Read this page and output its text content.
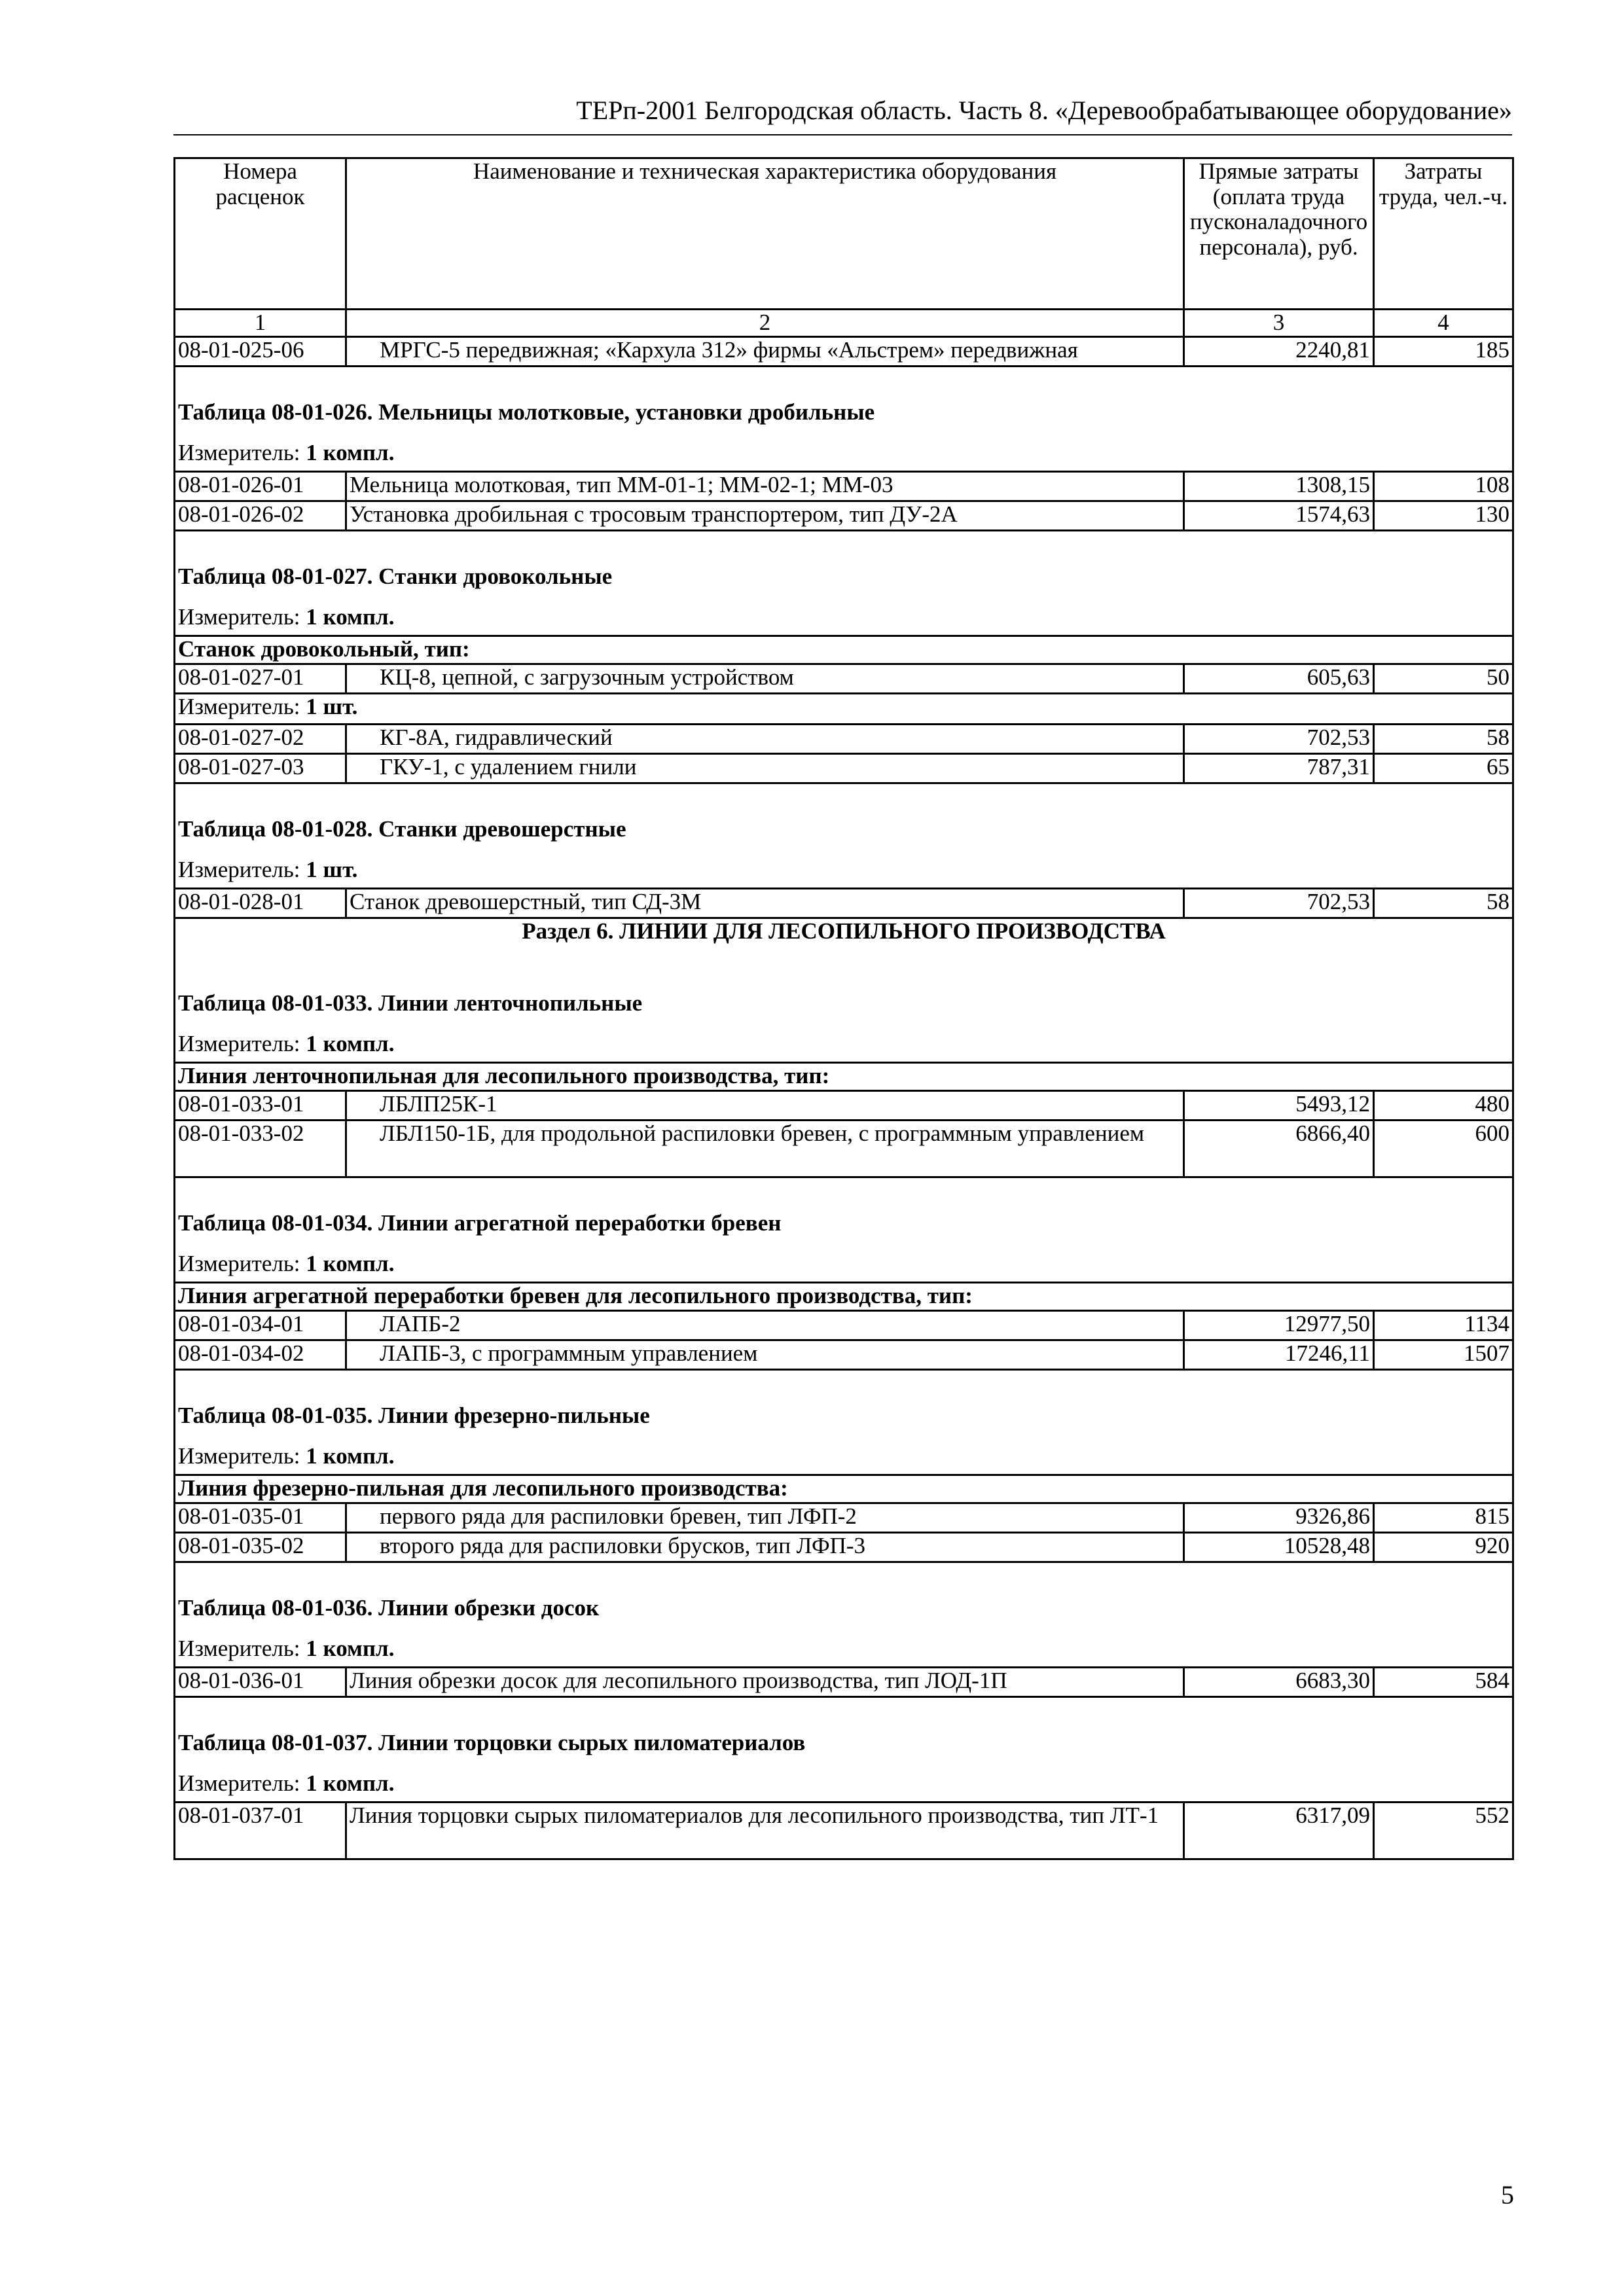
ТЕРп-2001 Белгородская область. Часть 8. «Деревообрабатывающее оборудование»
Номера расценок	Наименование и техническая характеристика оборудования	Прямые затраты (оплата труда пусконаладочного персонала), руб.	Затраты труда, чел.-ч.
1	2	3	4
08-01-025-06	МРГС-5 передвижная; «Кархула 312» фирмы «Альстрем» передвижная	2240,81	185

Таблица 08-01-026. Мельницы молотковые, установки дробильные			
Измеритель: 1 компл.			
08-01-026-01	Мельница молотковая, тип ММ-01-1; ММ-02-1; ММ-03	1308,15	108
08-01-026-02	Установка дробильная с тросовым транспортером, тип ДУ-2А	1574,63	130

Таблица 08-01-027. Станки дровокольные			
Измеритель: 1 компл.			
Станок дровокольный, тип:			
08-01-027-01	КЦ-8, цепной, с загрузочным устройством	605,63	50
Измеритель: 1 шт.			
08-01-027-02	КГ-8А, гидравлический	702,53	58
08-01-027-03	ГКУ-1, с удалением гнили	787,31	65

Таблица 08-01-028. Станки древошерстные			
Измеритель: 1 шт.			
08-01-028-01	Станок древошерстный, тип СД-3М	702,53	58
Раздел 6. ЛИНИИ ДЛЯ ЛЕСОПИЛЬНОГО ПРОИЗВОДСТВА			
Таблица 08-01-033. Линии ленточнопильные			
Измеритель: 1 компл.			
Линия ленточнопильная для лесопильного производства, тип:			
08-01-033-01	ЛБЛП25К-1	5493,12	480
08-01-033-02	ЛБЛ150-1Б, для продольной распиловки бревен, с программным управлением	6866,40	600

Таблица 08-01-034. Линии агрегатной переработки бревен			
Измеритель: 1 компл.			
Линия агрегатной переработки бревен для лесопильного производства, тип:			
08-01-034-01	ЛАПБ-2	12977,50	1134
08-01-034-02	ЛАПБ-3, с программным управлением	17246,11	1507

Таблица 08-01-035. Линии фрезерно-пильные			
Измеритель: 1 компл.			
Линия фрезерно-пильная для лесопильного производства:			
08-01-035-01	первого ряда для распиловки бревен, тип ЛФП-2	9326,86	815
08-01-035-02	второго ряда для распиловки брусков, тип ЛФП-3	10528,48	920

Таблица 08-01-036. Линии обрезки досок			
Измеритель: 1 компл.			
08-01-036-01	Линия обрезки досок для лесопильного производства, тип ЛОД-1П	6683,30	584

Таблица 08-01-037. Линии торцовки сырых пиломатериалов			
Измеритель: 1 компл.			
08-01-037-01	Линия торцовки сырых пиломатериалов для лесопильного производства, тип ЛТ-1	6317,09	552
5
